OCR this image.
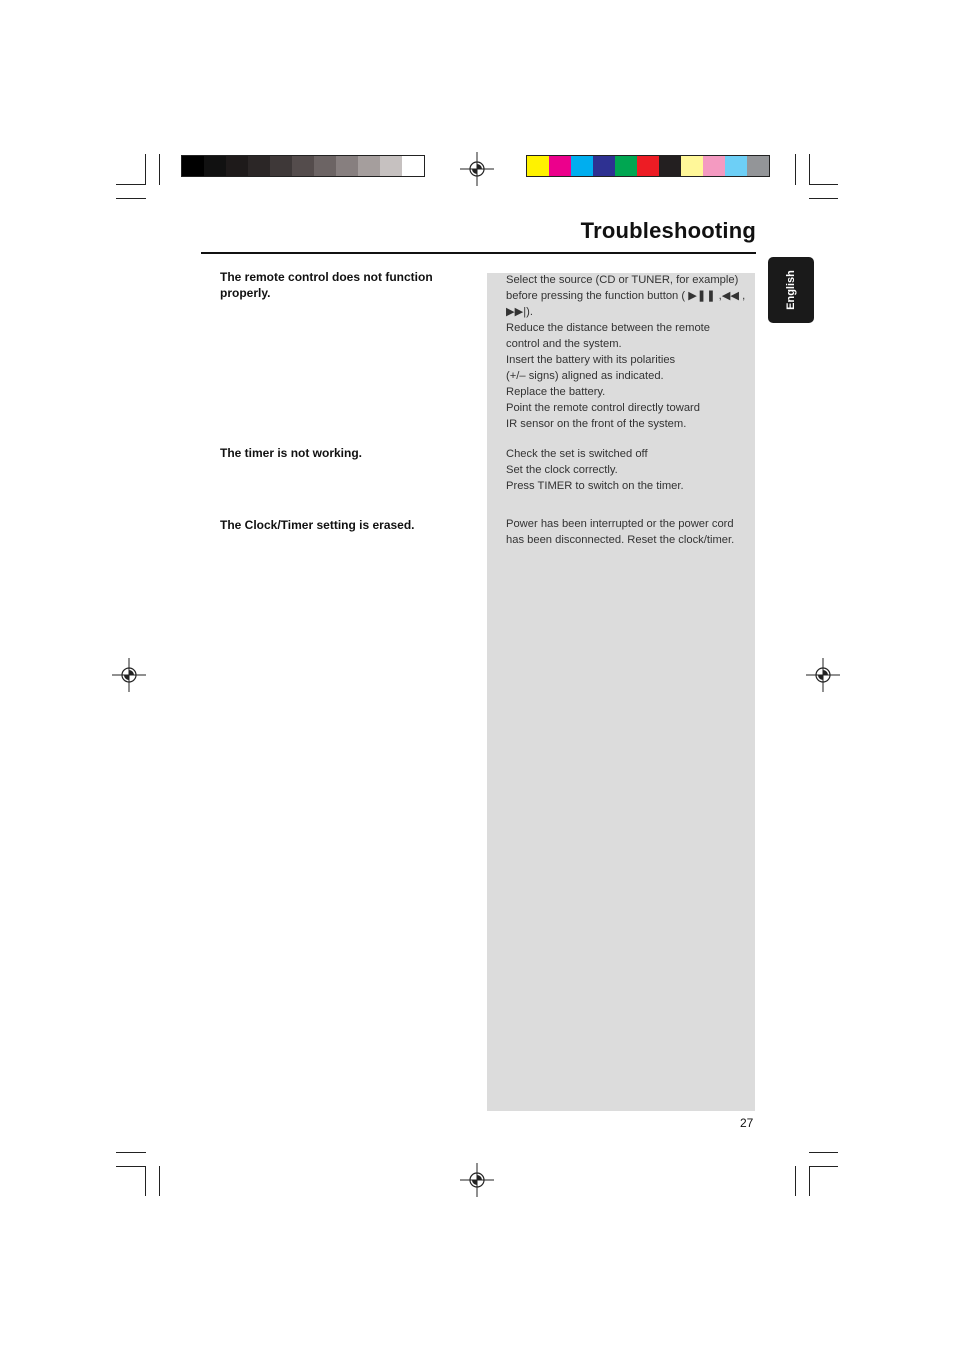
Troubleshooting
English
The remote control does not function properly.
Select the source (CD or TUNER, for example)
before pressing the function button ( ▶❚❚ ,◀◀ ,
▶▶|).
Reduce the distance between the remote
control and the system.
Insert the battery with its polarities
(+/– signs) aligned as indicated.
Replace the battery.
Point the remote control directly toward
IR sensor on the front of the system.
The timer is not working.	Check the set is switched off
Set the clock correctly.
Press TIMER to switch on the timer.
The Clock/Timer setting is erased.	Power has been interrupted or the power cord
has been disconnected. Reset the clock/timer.
27
